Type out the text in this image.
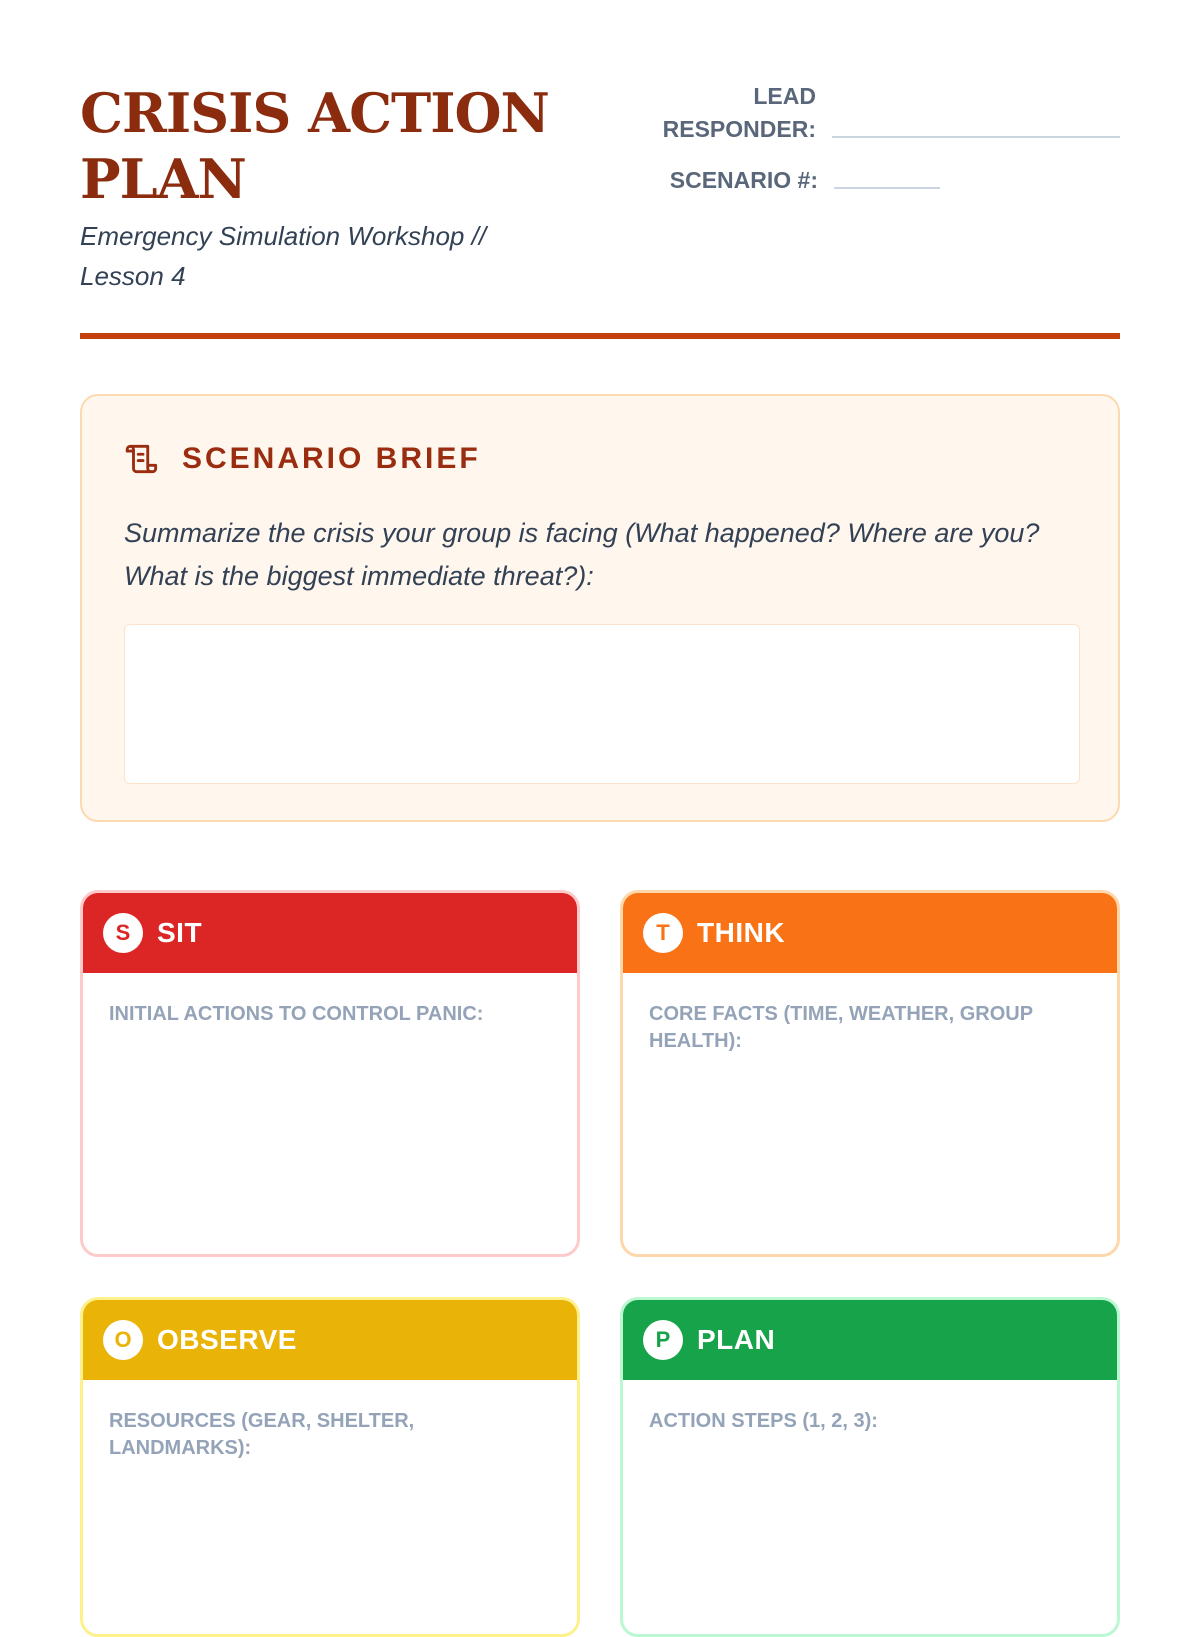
CRISIS ACTION PLAN
Emergency Simulation Workshop // Lesson 4
LEAD RESPONDER:
SCENARIO #:
SCENARIO BRIEF
Summarize the crisis your group is facing (What happened? Where are you? What is the biggest immediate threat?):
S SIT
INITIAL ACTIONS TO CONTROL PANIC:
T THINK
CORE FACTS (TIME, WEATHER, GROUP HEALTH):
O OBSERVE
RESOURCES (GEAR, SHELTER, LANDMARKS):
P PLAN
ACTION STEPS (1, 2, 3):
